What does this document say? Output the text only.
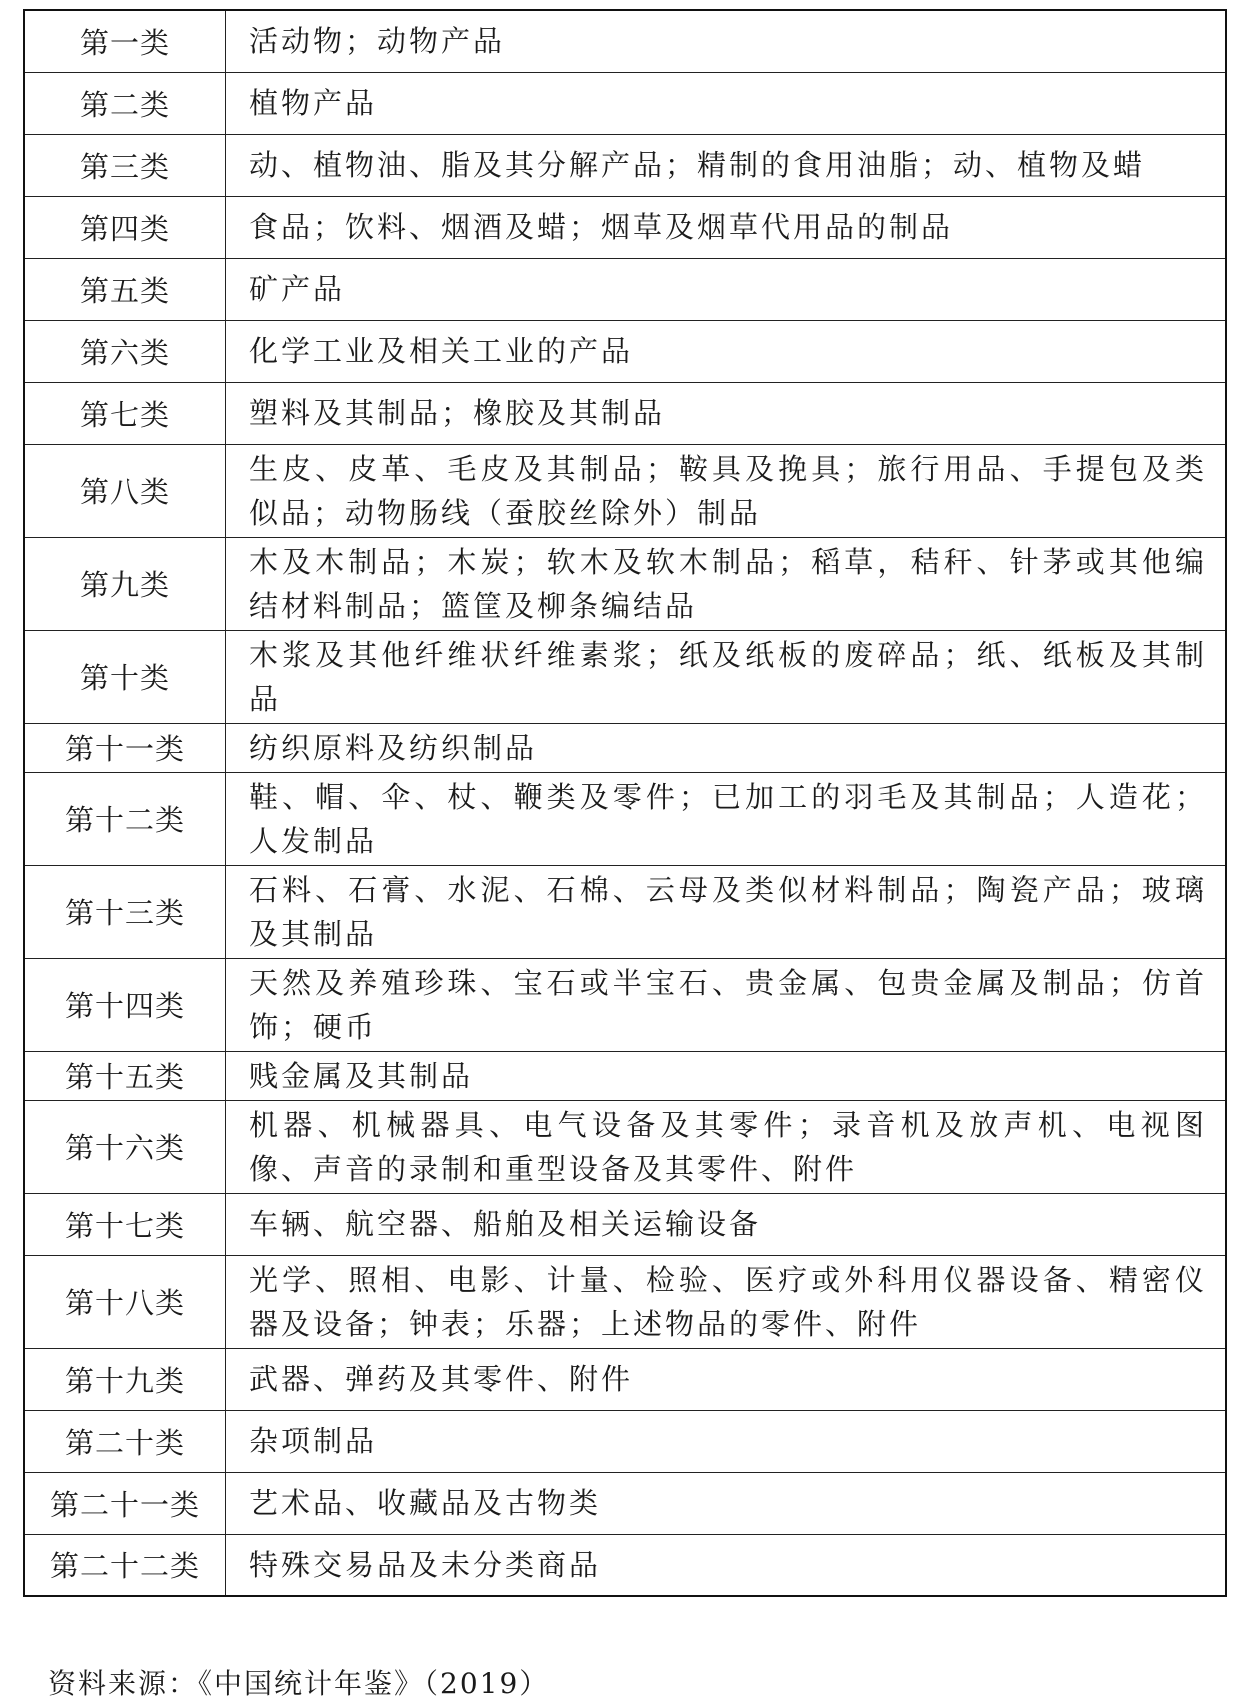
第一类	活动物；动物产品
第二类	植物产品
第三类	动、植物油、脂及其分解产品；精制的食用油脂；动、植物及蜡
第四类	食品；饮料、烟酒及蜡；烟草及烟草代用品的制品
第五类	矿产品
第六类	化学工业及相关工业的产品
第七类	塑料及其制品；橡胶及其制品
第八类	生皮、皮革、毛皮及其制品；鞍具及挽具；旅行用品、手提包及类似品；动物肠线（蚕胶丝除外）制品
第九类	木及木制品；木炭；软木及软木制品；稻草，秸秆、针茅或其他编结材料制品；篮筐及柳条编结品
第十类	木浆及其他纤维状纤维素浆；纸及纸板的废碎品；纸、纸板及其制品
第十一类	纺织原料及纺织制品
第十二类	鞋、帽、伞、杖、鞭类及零件；已加工的羽毛及其制品；人造花；人发制品
第十三类	石料、石膏、水泥、石棉、云母及类似材料制品；陶瓷产品；玻璃及其制品
第十四类	天然及养殖珍珠、宝石或半宝石、贵金属、包贵金属及制品；仿首饰；硬币
第十五类	贱金属及其制品
第十六类	机器、机械器具、电气设备及其零件；录音机及放声机、电视图像、声音的录制和重型设备及其零件、附件
第十七类	车辆、航空器、船舶及相关运输设备
第十八类	光学、照相、电影、计量、检验、医疗或外科用仪器设备、精密仪器及设备；钟表；乐器；上述物品的零件、附件
第十九类	武器、弹药及其零件、附件
第二十类	杂项制品
第二十一类	艺术品、收藏品及古物类
第二十二类	特殊交易品及未分类商品
资料来源：《中国统计年鉴》（2019）
